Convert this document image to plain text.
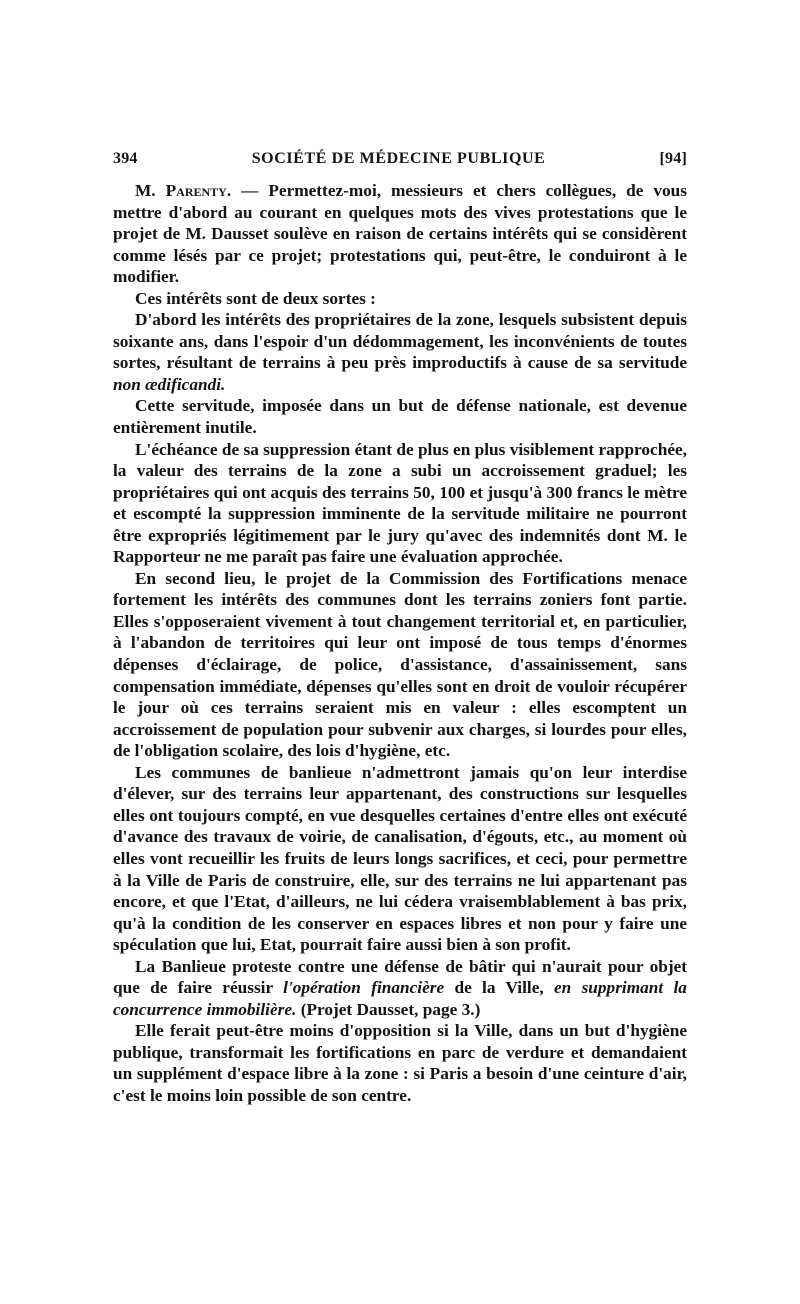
394	SOCIÉTÉ DE MÉDECINE PUBLIQUE	[94]

M. Parenty. — Permettez-moi, messieurs et chers collègues, de vous mettre d'abord au courant en quelques mots des vives protestations que le projet de M. Dausset soulève en raison de certains intérêts qui se considèrent comme lésés par ce projet; protestations qui, peut-être, le conduiront à le modifier.

Ces intérêts sont de deux sortes :

D'abord les intérêts des propriétaires de la zone, lesquels subsistent depuis soixante ans, dans l'espoir d'un dédommagement, les inconvénients de toutes sortes, résultant de terrains à peu près improductifs à cause de sa servitude non ædificandi.

Cette servitude, imposée dans un but de défense nationale, est devenue entièrement inutile.

L'échéance de sa suppression étant de plus en plus visiblement rapprochée, la valeur des terrains de la zone a subi un accroissement graduel; les propriétaires qui ont acquis des terrains 50, 100 et jusqu'à 300 francs le mètre et escompté la suppression imminente de la servitude militaire ne pourront être expropriés légitimement par le jury qu'avec des indemnités dont M. le Rapporteur ne me paraît pas faire une évaluation approchée.

En second lieu, le projet de la Commission des Fortifications menace fortement les intérêts des communes dont les terrains zoniers font partie. Elles s'opposeraient vivement à tout changement territorial et, en particulier, à l'abandon de territoires qui leur ont imposé de tous temps d'énormes dépenses d'éclairage, de police, d'assistance, d'assainissement, sans compensation immédiate, dépenses qu'elles sont en droit de vouloir récupérer le jour où ces terrains seraient mis en valeur : elles escomptent un accroissement de population pour subvenir aux charges, si lourdes pour elles, de l'obligation scolaire, des lois d'hygiène, etc.

Les communes de banlieue n'admettront jamais qu'on leur interdise d'élever, sur des terrains leur appartenant, des constructions sur lesquelles elles ont toujours compté, en vue desquelles certaines d'entre elles ont exécuté d'avance des travaux de voirie, de canalisation, d'égouts, etc., au moment où elles vont recueillir les fruits de leurs longs sacrifices, et ceci, pour permettre à la Ville de Paris de construire, elle, sur des terrains ne lui appartenant pas encore, et que l'Etat, d'ailleurs, ne lui cédera vraisemblablement à bas prix, qu'à la condition de les conserver en espaces libres et non pour y faire une spéculation que lui, Etat, pourrait faire aussi bien à son profit.

La Banlieue proteste contre une défense de bâtir qui n'aurait pour objet que de faire réussir l'opération financière de la Ville, en supprimant la concurrence immobilière. (Projet Dausset, page 3.)

Elle ferait peut-être moins d'opposition si la Ville, dans un but d'hygiène publique, transformait les fortifications en parc de verdure et demandaient un supplément d'espace libre à la zone : si Paris a besoin d'une ceinture d'air, c'est le moins loin possible de son centre.
